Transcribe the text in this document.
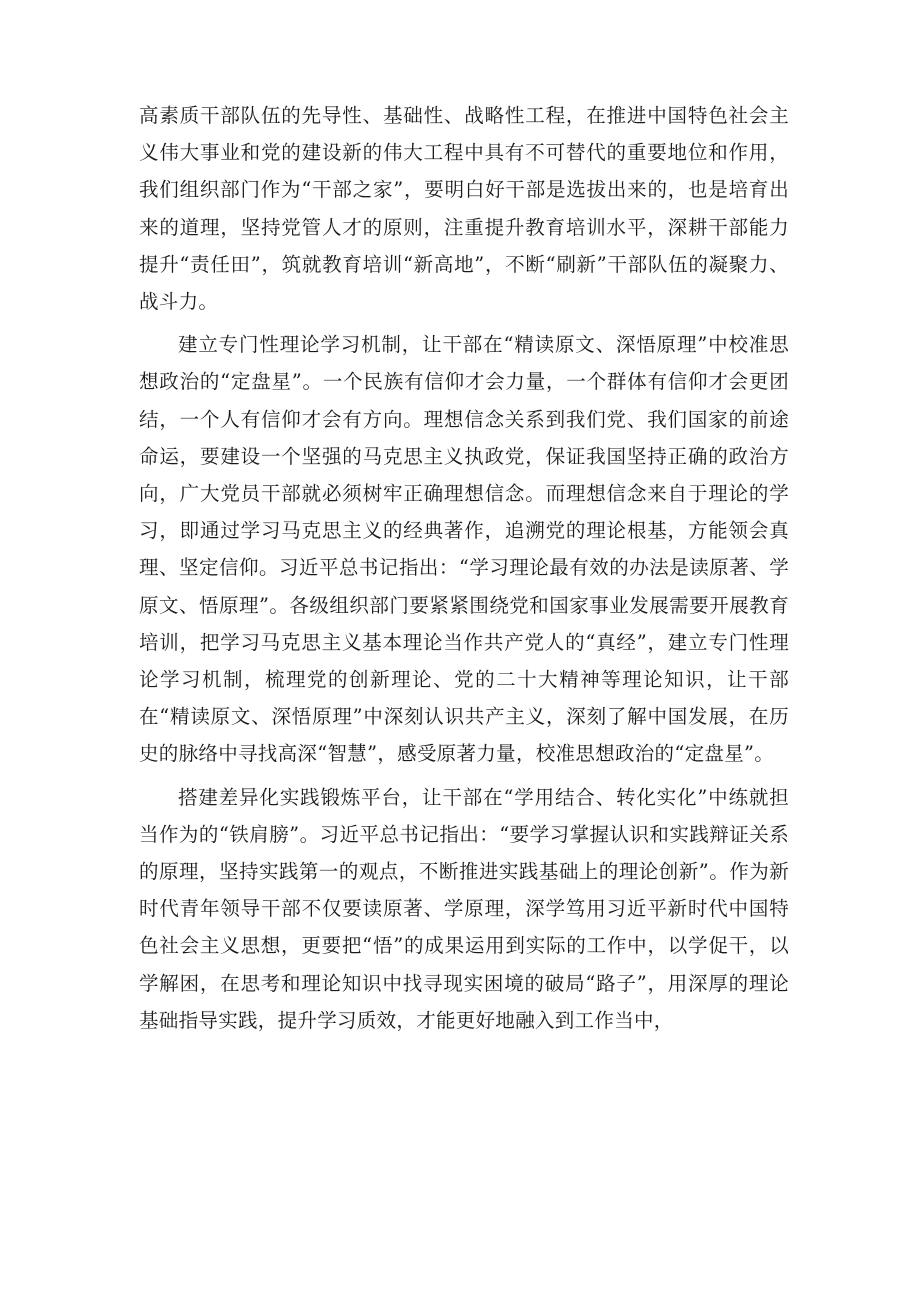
高素质干部队伍的先导性、基础性、战略性工程，在推进中国特色社会主义伟大事业和党的建设新的伟大工程中具有不可替代的重要地位和作用，我们组织部门作为“干部之家”，要明白好干部是选拔出来的，也是培育出来的道理，坚持党管人才的原则，注重提升教育培训水平，深耕干部能力提升“责任田”，筑就教育培训“新高地”，不断“刷新”干部队伍的凝聚力、战斗力。

建立专门性理论学习机制，让干部在“精读原文、深悟原理”中校准思想政治的“定盘星”。一个民族有信仰才会力量，一个群体有信仰才会更团结，一个人有信仰才会有方向。理想信念关系到我们党、我们国家的前途命运，要建设一个坚强的马克思主义执政党，保证我国坚持正确的政治方向，广大党员干部就必须树牢正确理想信念。而理想信念来自于理论的学习，即通过学习马克思主义的经典著作，追溯党的理论根基，方能领会真理、坚定信仰。习近平总书记指出：“学习理论最有效的办法是读原著、学原文、悟原理”。各级组织部门要紧紧围绕党和国家事业发展需要开展教育培训，把学习马克思主义基本理论当作共产党人的“真经”，建立专门性理论学习机制，梳理党的创新理论、党的二十大精神等理论知识，让干部在“精读原文、深悟原理”中深刻认识共产主义，深刻了解中国发展，在历史的脉络中寻找高深“智慧”，感受原著力量，校准思想政治的“定盘星”。

搭建差异化实践锻炼平台，让干部在“学用结合、转化实化”中练就担当作为的“铁肩膀”。习近平总书记指出：“要学习掌握认识和实践辩证关系的原理，坚持实践第一的观点，不断推进实践基础上的理论创新”。作为新时代青年领导干部不仅要读原著、学原理，深学笃用习近平新时代中国特色社会主义思想，更要把“悟”的成果运用到实际的工作中，以学促干，以学解困，在思考和理论知识中找寻现实困境的破局“路子”，用深厚的理论基础指导实践，提升学习质效，才能更好地融入到工作当中，
